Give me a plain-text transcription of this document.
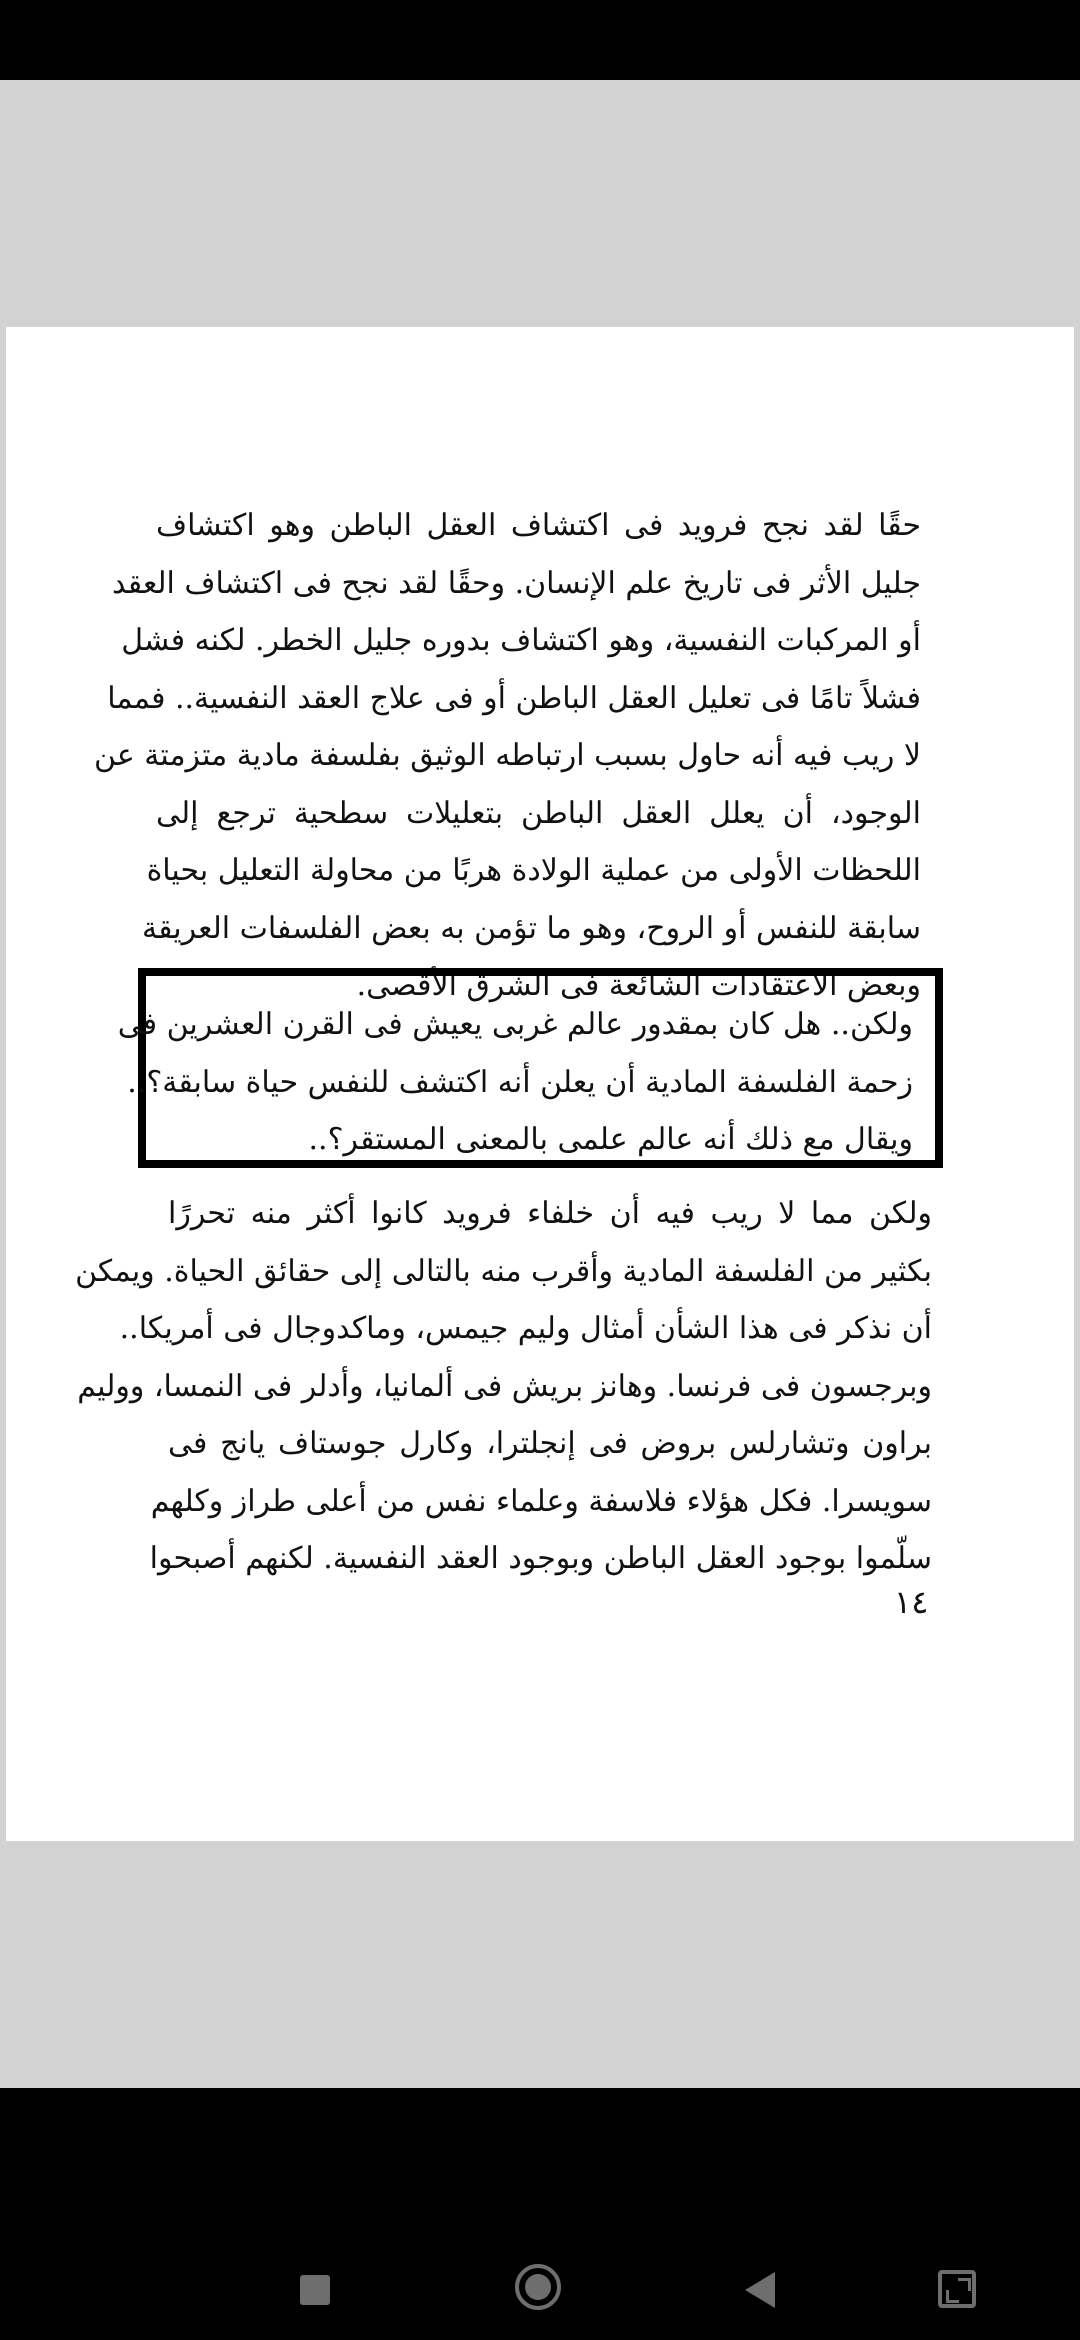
حقًا لقد نجح فرويد فى اكتشاف العقل الباطن وهو اكتشاف
جليل الأثر فى تاريخ علم الإنسان. وحقًا لقد نجح فى اكتشاف العقد
أو المركبات النفسية، وهو اكتشاف بدوره جليل الخطر. لكنه فشل
فشلاً تامًا فى تعليل العقل الباطن أو فى علاج العقد النفسية.. فمما
لا ريب فيه أنه حاول بسبب ارتباطه الوثيق بفلسفة مادية متزمتة عن
الوجود، أن يعلل العقل الباطن بتعليلات سطحية ترجع إلى
اللحظات الأولى من عملية الولادة هربًا من محاولة التعليل بحياة
سابقة للنفس أو الروح، وهو ما تؤمن به بعض الفلسفات العريقة
وبعض الاعتقادات الشائعة فى الشرق الأقصى.
ولكن.. هل كان بمقدور عالم غربى يعيش فى القرن العشرين فى
زحمة الفلسفة المادية أن يعلن أنه اكتشف للنفس حياة سابقة؟..
ويقال مع ذلك أنه عالم علمى بالمعنى المستقر؟..
ولكن مما لا ريب فيه أن خلفاء فرويد كانوا أكثر منه تحررًا
بكثير من الفلسفة المادية وأقرب منه بالتالى إلى حقائق الحياة. ويمكن
أن نذكر فى هذا الشأن أمثال وليم جيمس، وماكدوجال فى أمريكا..
وبرجسون فى فرنسا. وهانز بريش فى ألمانيا، وأدلر فى النمسا، ووليم
براون وتشارلس بروض فى إنجلترا، وكارل جوستاف يانج فى
سويسرا. فكل هؤلاء فلاسفة وعلماء نفس من أعلى طراز وكلهم
سلّموا بوجود العقل الباطن وبوجود العقد النفسية. لكنهم أصبحوا
١٤
